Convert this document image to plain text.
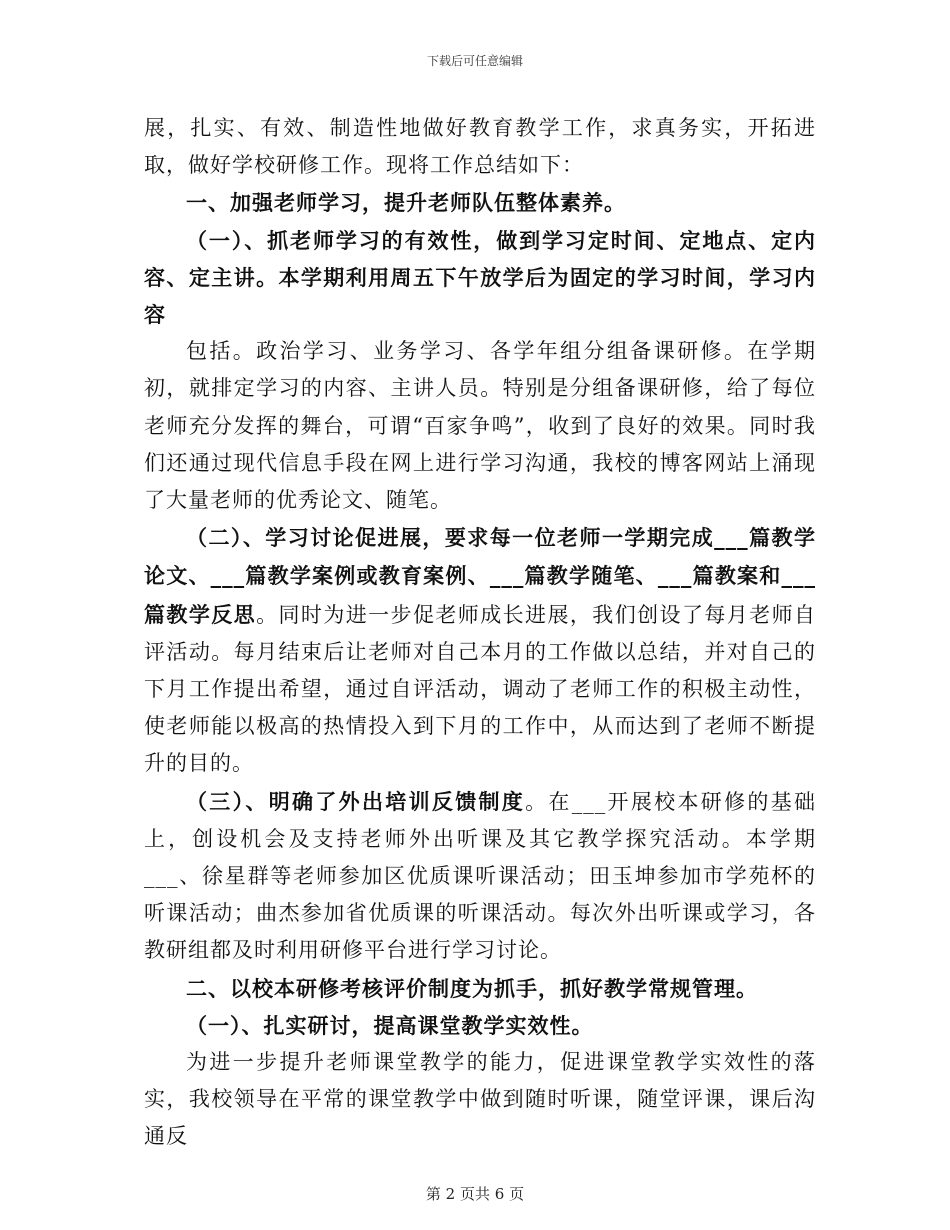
下载后可任意编辑

展，扎实、有效、制造性地做好教育教学工作，求真务实，开拓进取，做好学校研修工作。现将工作总结如下：

一、加强老师学习，提升老师队伍整体素养。

（一）、抓老师学习的有效性，做到学习定时间、定地点、定内容、定主讲。本学期利用周五下午放学后为固定的学习时间，学习内容

包括。政治学习、业务学习、各学年组分组备课研修。在学期初，就排定学习的内容、主讲人员。特别是分组备课研修，给了每位老师充分发挥的舞台，可谓“百家争鸣”，收到了良好的效果。同时我们还通过现代信息手段在网上进行学习沟通，我校的博客网站上涌现了大量老师的优秀论文、随笔。

（二）、学习讨论促进展，要求每一位老师一学期完成___篇教学论文、___篇教学案例或教育案例、___篇教学随笔、___篇教案和___篇教学反思。同时为进一步促老师成长进展，我们创设了每月老师自评活动。每月结束后让老师对自己本月的工作做以总结，并对自己的下月工作提出希望，通过自评活动，调动了老师工作的积极主动性，使老师能以极高的热情投入到下月的工作中，从而达到了老师不断提升的目的。

（三）、明确了外出培训反馈制度。在___开展校本研修的基础上，创设机会及支持老师外出听课及其它教学探究活动。本学期___、徐星群等老师参加区优质课听课活动；田玉坤参加市学苑杯的听课活动；曲杰参加省优质课的听课活动。每次外出听课或学习，各教研组都及时利用研修平台进行学习讨论。

二、以校本研修考核评价制度为抓手，抓好教学常规管理。

（一）、扎实研讨，提高课堂教学实效性。

为进一步提升老师课堂教学的能力，促进课堂教学实效性的落实，我校领导在平常的课堂教学中做到随时听课，随堂评课，课后沟通反

第 2 页共 6 页
